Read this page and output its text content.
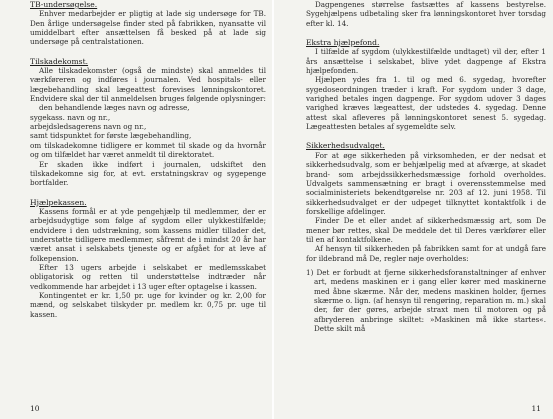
TB-undersøgelse.

Enhver medarbejder er pligtig at lade sig undersøge for TB. Den årlige undersøgelse finder sted på fabrikken, nyansatte vil umiddelbart efter ansættelsen få besked på at lade sig undersøge på centralstationen.

Tilskadekomst.

Alle tilskadekomster (også de mindste) skal anmeldes til værkføreren og indføres i journalen. Ved hospitals- eller lægebehandling skal lægeattest forevises lønningskontoret. Endvidere skal der til anmeldelsen bruges følgende oplysninger:

den behandlende læges navn og adresse,

sygekass. navn og nr.,

arbejdsledsagerens navn og nr.,

samt tidspunktet for første lægebehandling,

om tilskadekomne tidligere er kommet til skade og da hvornår og om tilfældet har været anmeldt til direktoratet.

Er skaden ikke indført i journalen, udskiftet den tilskadekomne sig for, at evt. erstatningskrav og sygepenge bortfalder.

Hjælpekassen.

Kassens formål er at yde pengehjælp til medlemmer, der er arbejdsudygtige som følge af sygdom eller ulykkestilfælde; endvidere i den udstrækning, som kassens midler tillader det, understøtte tidligere medlemmer, såfremt de i mindst 20 år har været ansat i selskabets tjeneste og er afgået for at leve af folkepension.

Efter 13 ugers arbejde i selskabet er medlemsskabet obligatorisk og retten til understøttelse indtræder når vedkommende har arbejdet i 13 uger efter optagelse i kassen.

Kontingentet er kr. 1,50 pr. uge for kvinder og kr. 2,00 for mænd, og selskabet tilskyder pr. medlem kr. 0,75 pr. uge til kassen.

10

Dagpengenes størrelse fastsættes af kassens bestyrelse. Sygehjælpens udbetaling sker fra lønningskontoret hver torsdag efter kl. 14.

Ekstra hjælpefond.

I tilfælde af sygdom (ulykkestilfælde undtaget) vil der, efter 1 års ansættelse i selskabet, blive ydet dagpenge af Ekstra hjælpefonden.

Hjælpen ydes fra 1. til og med 6. sygedag, hvorefter sygedoseordningen træder i kraft. For sygdom under 3 dage, varighed betales ingen dagpenge. For sygdom udover 3 dages varighed kræves lægeattest, der udstedes 4. sygedag. Denne attest skal afleveres på lønningskontoret senest 5. sygedag. Lægeattesten betales af sygemeldte selv.

Sikkerhedsudvalget.

For at øge sikkerheden på virksomheden, er der nedsat et sikkerhedsudvalg, som er behjælpelig med at afværge, at skadet brand- som arbejdssikkerhedsmæssige forhold overholdes. Udvalgets sammensætning er bragt i overensstemmelse med socialministeriets bekendtgørelse nr. 203 af 12. juni 1958. Til sikkerhedsudvalget er der udpeget tilknyttet kontaktfolk i de forskellige afdelinger.

Finder De et eller andet af sikkerhedsmæssig art, som De mener bør rettes, skal De meddele det til Deres værkfører eller til en af kontaktfolkene.

Af hensyn til sikkerheden på fabrikken samt for at undgå fare for ildebrand må De, regler nøje overholdes:

1) Det er forbudt at fjerne sikkerhedsforanstaltninger af enhver art, medens maskinen er i gang eller kører med maskinerne med åbne skærme. Når der, medens maskinen holder, fjernes skærme o. lign. (af hensyn til rengøring, reparation m. m.) skal der, før der gøres, arbejde straxt men til motoren og på afbryderen anbringe skiltet: »Maskinen må ikke startes«. Dette skilt må

11
